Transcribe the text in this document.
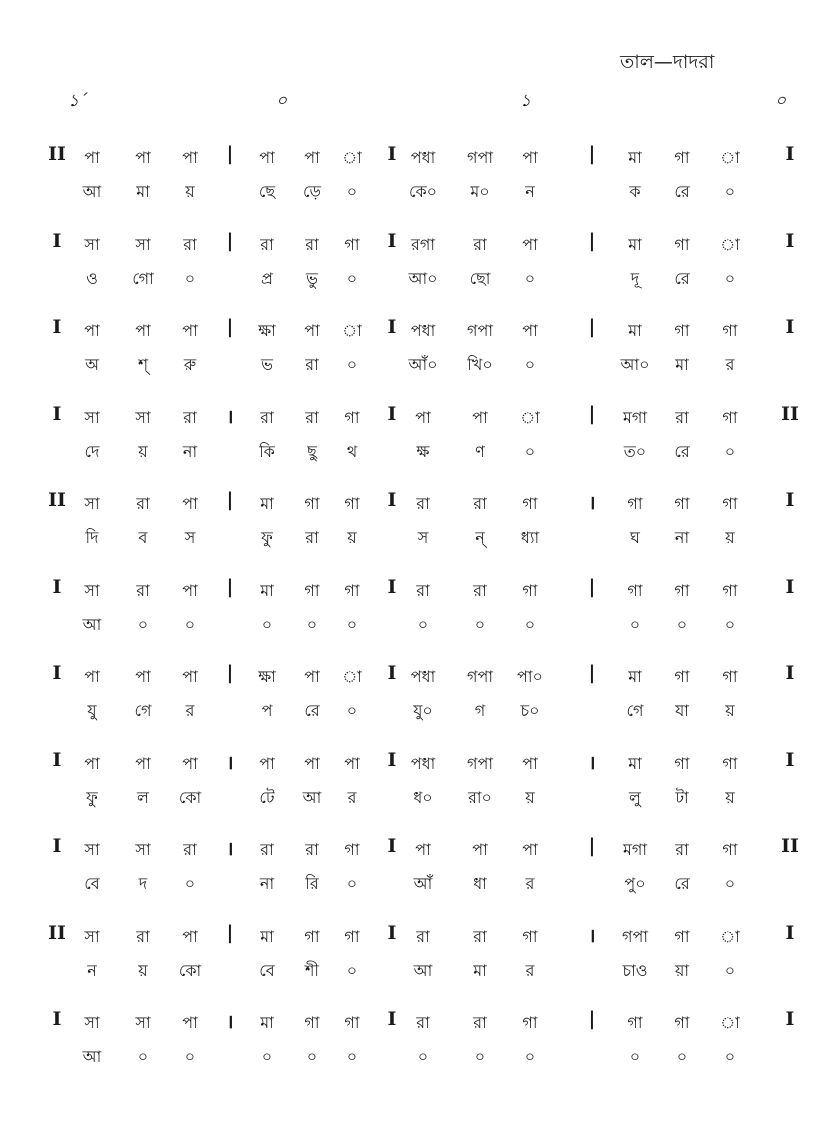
তাল—দাদরা
১´	০	১	০
II	|	I	|	I
পা	পা	পা	পা	পা	া	পধা	গপা	পা	মা	গা	া
আ	মা	য়	ছে	ড়ে	০	কে০	ম০	ন	ক	রে	০
I	|	I	|	I
সা	সা	রা	রা	রা	গা	রগা	রা	পা	মা	গা	া
ও	গো	০	প্র	ভু	০	আ০	ছো	০	দূ	রে	০
I	|	I	|	I
পা	পা	পা	ক্ষা	পা	া	পধা	গপা	পা	মা	গা	গা
অ	শ্	রু	ভ	রা	০	আঁ০	খি০	০	আ০	মা	র
I	।	I	|	II
সা	সা	রা	রা	রা	গা	পা	পা	া	মগা	রা	গা
দে	য়	না	কি	ছু	থ	ক্ষ	ণ	০	ত০	রে	০
II	|	I	।	I
সা	রা	পা	মা	গা	গা	রা	রা	গা	গা	গা	গা
দি	ব	স	ফু	রা	য়	স	ন্	ধ্যা	ঘ	না	য়
I	|	I	|	I
সা	রা	পা	মা	গা	গা	রা	রা	গা	গা	গা	গা
আ	০	০	০	০	০	০	০	০	০	০	০
I	|	I	|	I
পা	পা	পা	ক্ষা	পা	া	পধা	গপা	পা০	মা	গা	গা
যু	গে	র	প	রে	০	যু০	গ	চ০	গে	যা	য়
I	।	I	।	I
পা	পা	পা	পা	পা	পা	পধা	গপা	পা	মা	গা	গা
ফু	ল	কো	টে	আ	র	ধ০	রা০	য়	লু	টা	য়
I	।	I	|	II
সা	সা	রা	রা	রা	গা	পা	পা	পা	মগা	রা	গা
বে	দ	০	না	রি	০	আঁ	ধা	র	পু০	রে	০
II	|	I	।	I
সা	রা	পা	মা	গা	গা	রা	রা	গা	গপা	গা	া
ন	য়	কো	বে	শী	০	আ	মা	র	চাও	য়া	০
I	।	I	|	I
সা	সা	পা	মা	গা	গা	রা	রা	গা	গা	গা	া
আ	০	০	০	০	০	০	০	০	০	০	০
